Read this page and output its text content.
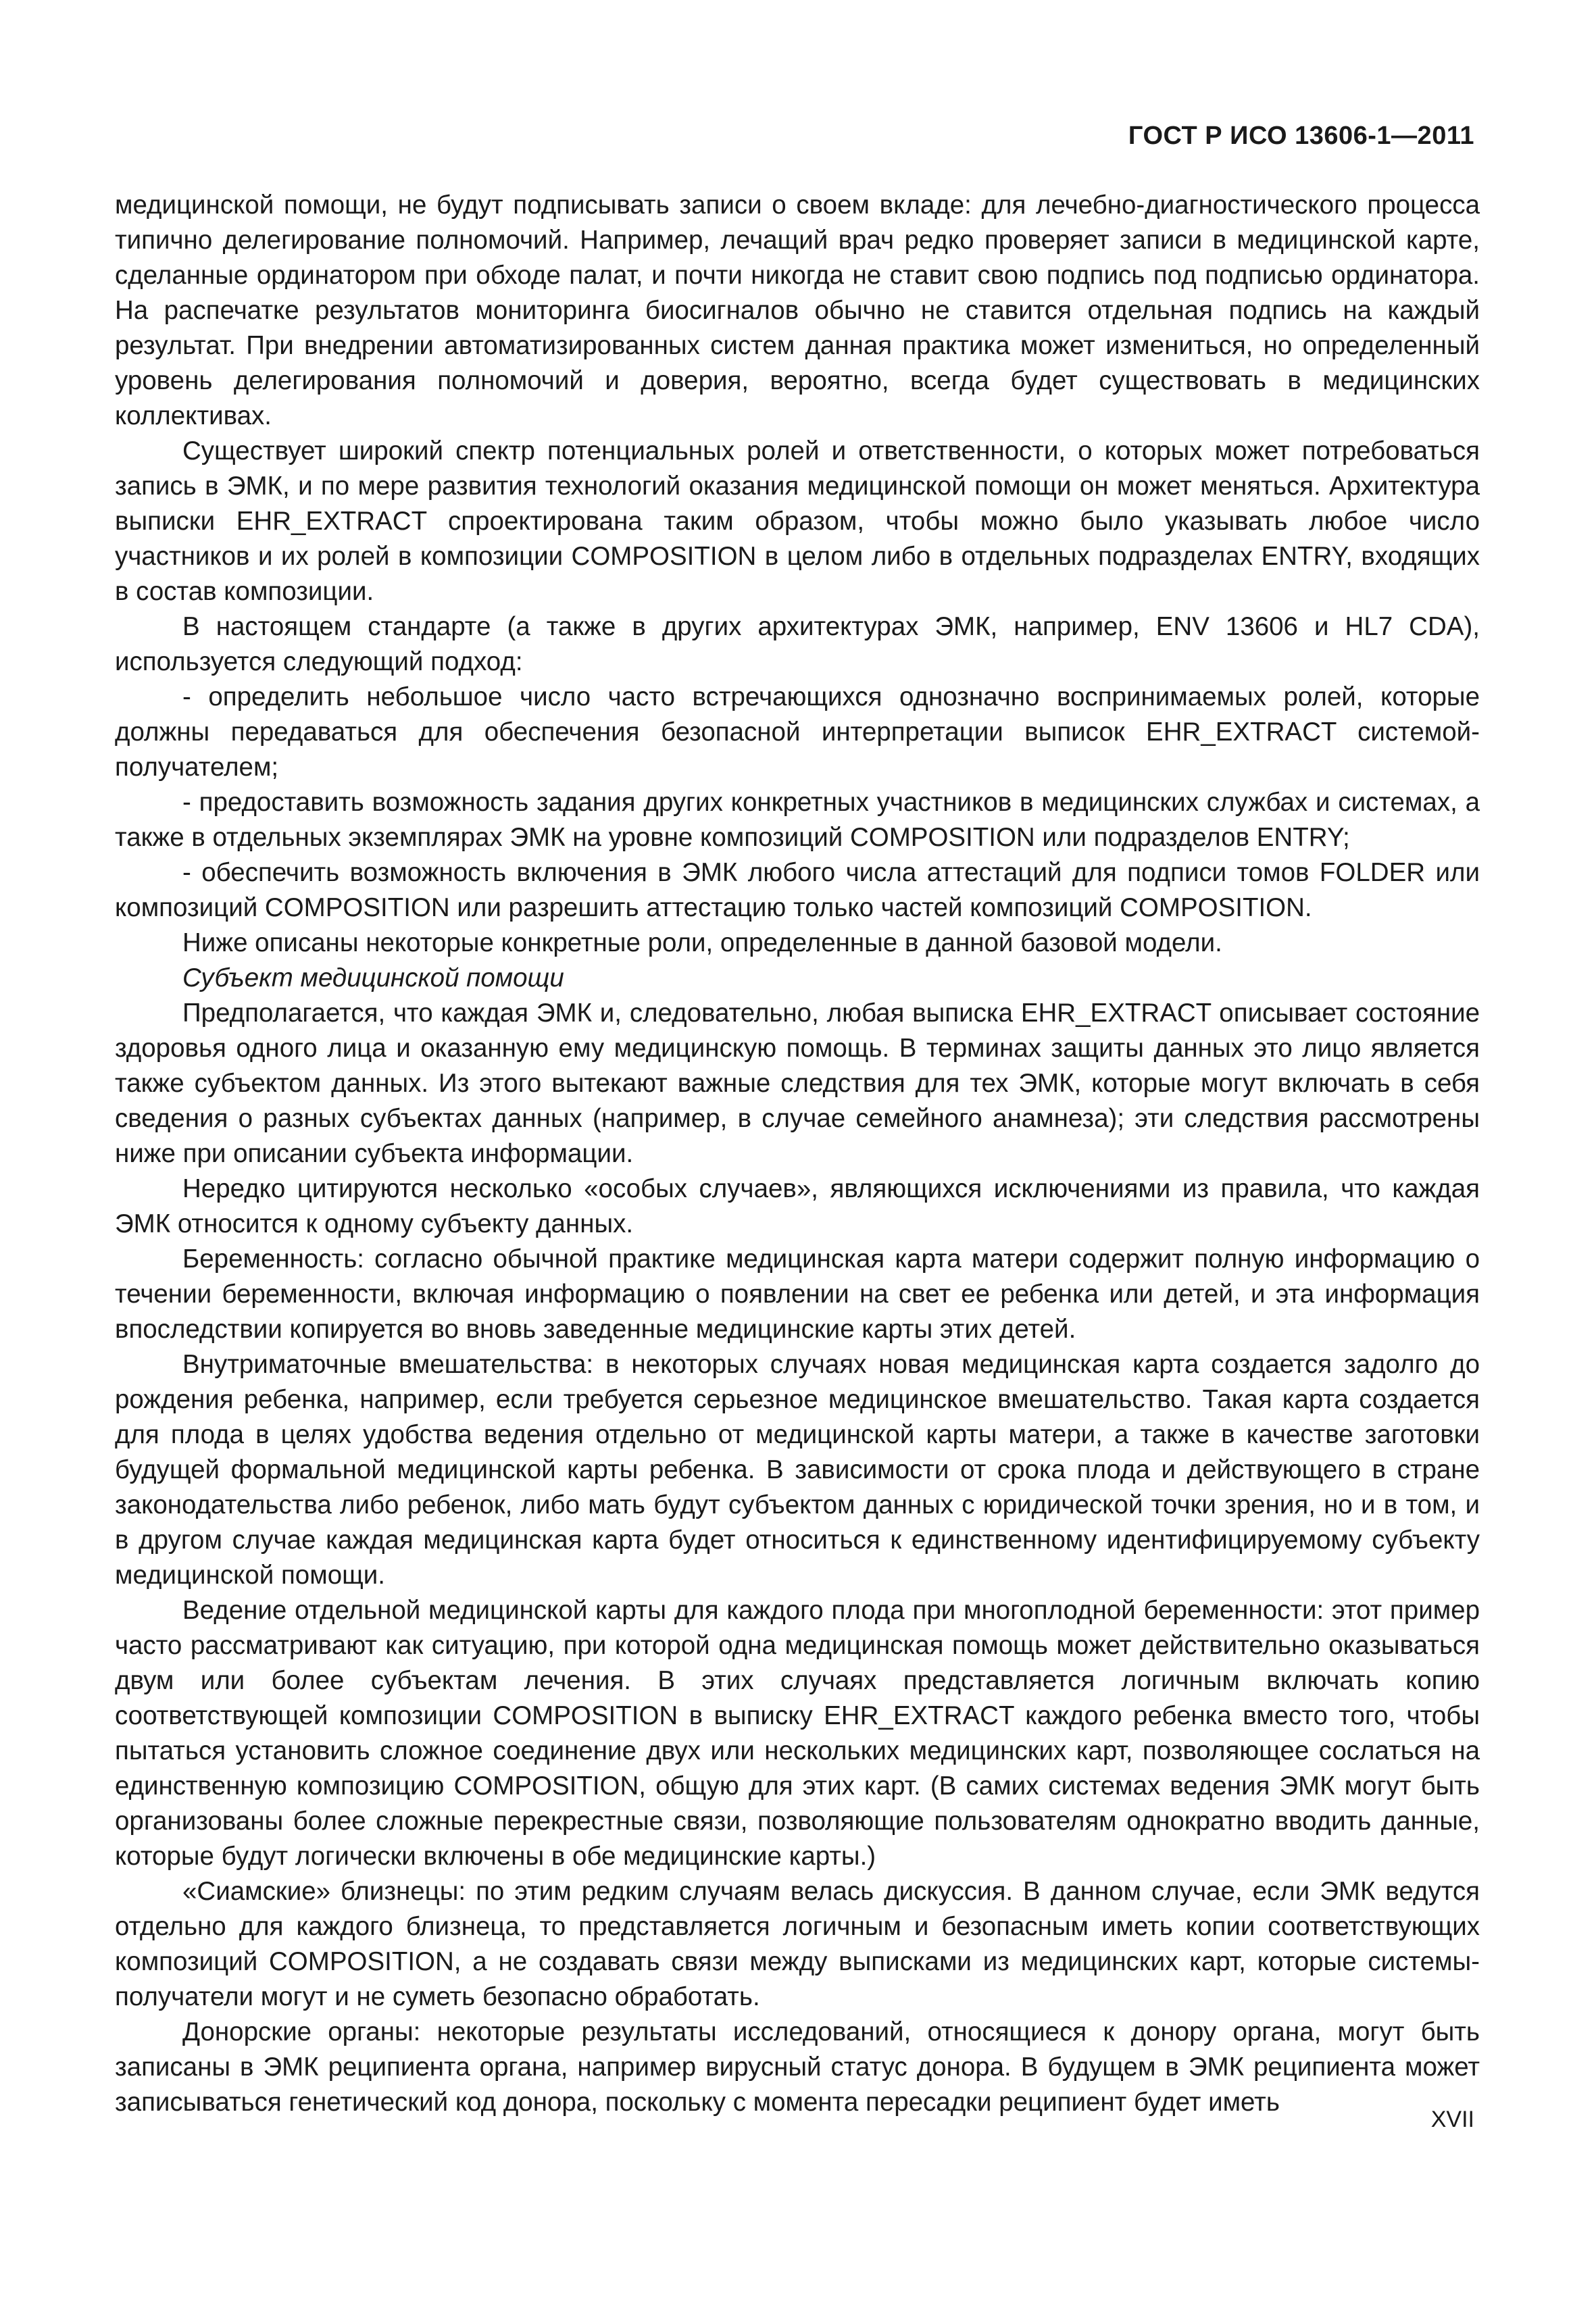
ГОСТ Р ИСО 13606-1—2011

медицинской помощи, не будут подписывать записи о своем вкладе: для лечебно-диагностического процесса типично делегирование полномочий. Например, лечащий врач редко проверяет записи в медицинской карте, сделанные ординатором при обходе палат, и почти никогда не ставит свою подпись под подписью ординатора. На распечатке результатов мониторинга биосигналов обычно не ставится отдельная подпись на каждый результат. При внедрении автоматизированных систем данная практика может измениться, но определенный уровень делегирования полномочий и доверия, вероятно, всегда будет существовать в медицинских коллективах.

Существует широкий спектр потенциальных ролей и ответственности, о которых может потребоваться запись в ЭМК, и по мере развития технологий оказания медицинской помощи он может меняться. Архитектура выписки EHR_EXTRACT спроектирована таким образом, чтобы можно было указывать любое число участников и их ролей в композиции COMPOSITION в целом либо в отдельных подразделах ENTRY, входящих в состав композиции.

В настоящем стандарте (а также в других архитектурах ЭМК, например, ENV 13606 и HL7 CDA), используется следующий подход:

- определить небольшое число часто встречающихся однозначно воспринимаемых ролей, которые должны передаваться для обеспечения безопасной интерпретации выписок EHR_EXTRACT системой-получателем;

- предоставить возможность задания других конкретных участников в медицинских службах и системах, а также в отдельных экземплярах ЭМК на уровне композиций COMPOSITION или подразделов ENTRY;

- обеспечить возможность включения в ЭМК любого числа аттестаций для подписи томов FOLDER или композиций COMPOSITION или разрешить аттестацию только частей композиций COMPOSITION.

Ниже описаны некоторые конкретные роли, определенные в данной базовой модели.

Субъект медицинской помощи

Предполагается, что каждая ЭМК и, следовательно, любая выписка EHR_EXTRACT описывает состояние здоровья одного лица и оказанную ему медицинскую помощь. В терминах защиты данных это лицо является также субъектом данных. Из этого вытекают важные следствия для тех ЭМК, которые могут включать в себя сведения о разных субъектах данных (например, в случае семейного анамнеза); эти следствия рассмотрены ниже при описании субъекта информации.

Нередко цитируются несколько «особых случаев», являющихся исключениями из правила, что каждая ЭМК относится к одному субъекту данных.

Беременность: согласно обычной практике медицинская карта матери содержит полную информацию о течении беременности, включая информацию о появлении на свет ее ребенка или детей, и эта информация впоследствии копируется во вновь заведенные медицинские карты этих детей.

Внутриматочные вмешательства: в некоторых случаях новая медицинская карта создается задолго до рождения ребенка, например, если требуется серьезное медицинское вмешательство. Такая карта создается для плода в целях удобства ведения отдельно от медицинской карты матери, а также в качестве заготовки будущей формальной медицинской карты ребенка. В зависимости от срока плода и действующего в стране законодательства либо ребенок, либо мать будут субъектом данных с юридической точки зрения, но и в том, и в другом случае каждая медицинская карта будет относиться к единственному идентифицируемому субъекту медицинской помощи.

Ведение отдельной медицинской карты для каждого плода при многоплодной беременности: этот пример часто рассматривают как ситуацию, при которой одна медицинская помощь может действительно оказываться двум или более субъектам лечения. В этих случаях представляется логичным включать копию соответствующей композиции COMPOSITION в выписку EHR_EXTRACT каждого ребенка вместо того, чтобы пытаться установить сложное соединение двух или нескольких медицинских карт, позволяющее сослаться на единственную композицию COMPOSITION, общую для этих карт. (В самих системах ведения ЭМК могут быть организованы более сложные перекрестные связи, позволяющие пользователям однократно вводить данные, которые будут логически включены в обе медицинские карты.)

«Сиамские» близнецы: по этим редким случаям велась дискуссия. В данном случае, если ЭМК ведутся отдельно для каждого близнеца, то представляется логичным и безопасным иметь копии соответствующих композиций COMPOSITION, а не создавать связи между выписками из медицинских карт, которые системы-получатели могут и не суметь безопасно обработать.

Донорские органы: некоторые результаты исследований, относящиеся к донору органа, могут быть записаны в ЭМК реципиента органа, например вирусный статус донора. В будущем в ЭМК реципиента может записываться генетический код донора, поскольку с момента пересадки реципиент будет иметь

XVII
